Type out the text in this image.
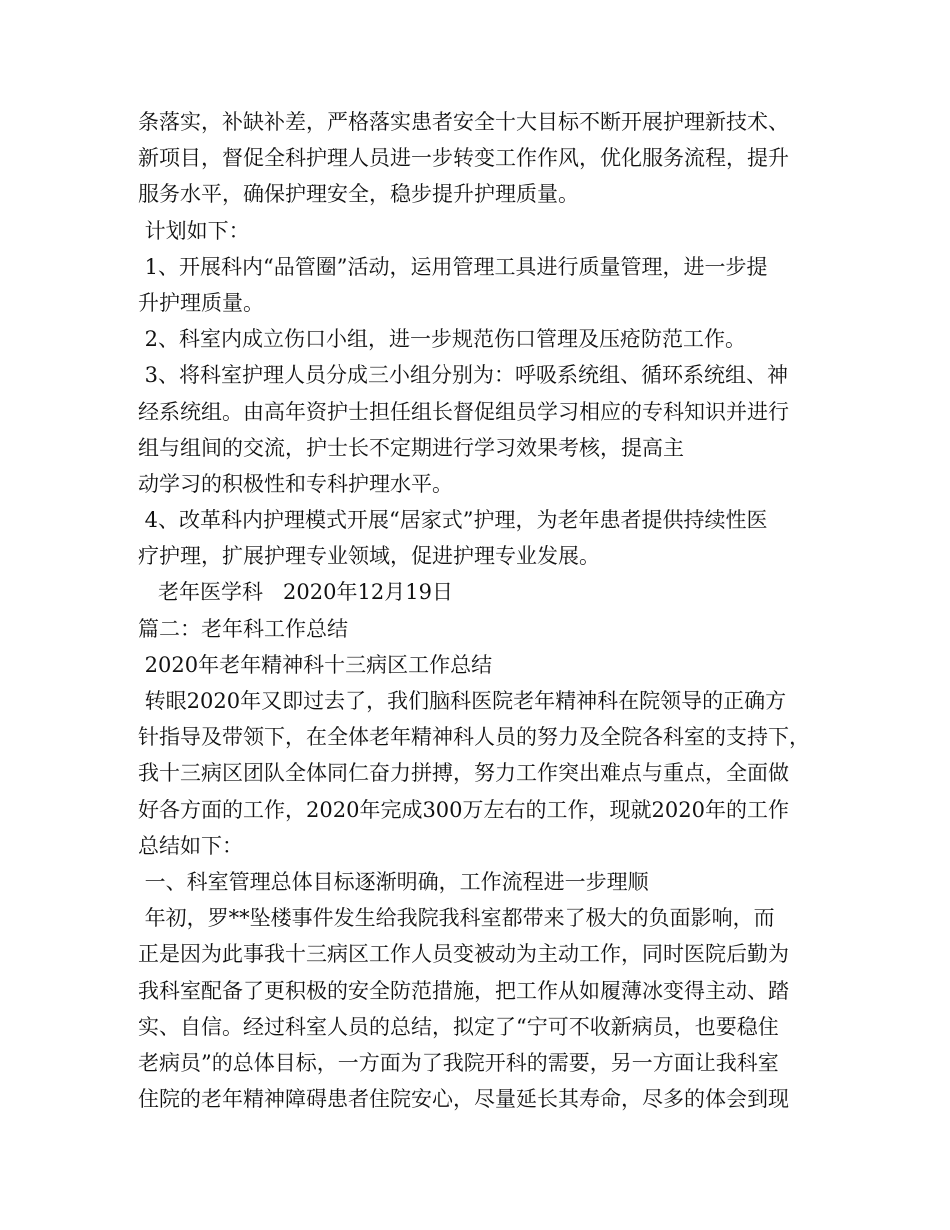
条落实，补缺补差，严格落实患者安全十大目标不断开展护理新技术、
新项目，督促全科护理人员进一步转变工作作风，优化服务流程，提升
服务水平，确保护理安全，稳步提升护理质量。
计划如下：
1、开展科内“品管圈”活动，运用管理工具进行质量管理，进一步提
升护理质量。
2、科室内成立伤口小组，进一步规范伤口管理及压疮防范工作。
3、将科室护理人员分成三小组分别为：呼吸系统组、循环系统组、神
经系统组。由高年资护士担任组长督促组员学习相应的专科知识并进行
组与组间的交流，护士长不定期进行学习效果考核，提高主
动学习的积极性和专科护理水平。
4、改革科内护理模式开展“居家式”护理，为老年患者提供持续性医
疗护理，扩展护理专业领域，促进护理专业发展。
老年医学科   2020年12月19日
篇二：老年科工作总结
2020年老年精神科十三病区工作总结
转眼2020年又即过去了，我们脑科医院老年精神科在院领导的正确方
针指导及带领下，在全体老年精神科人员的努力及全院各科室的支持下，
我十三病区团队全体同仁奋力拼搏，努力工作突出难点与重点，全面做
好各方面的工作，2020年完成300万左右的工作，现就2020年的工作
总结如下：
一、科室管理总体目标逐渐明确，工作流程进一步理顺
年初，罗**坠楼事件发生给我院我科室都带来了极大的负面影响，而
正是因为此事我十三病区工作人员变被动为主动工作，同时医院后勤为
我科室配备了更积极的安全防范措施，把工作从如履薄冰变得主动、踏
实、自信。经过科室人员的总结，拟定了“宁可不收新病员，也要稳住
老病员”的总体目标，一方面为了我院开科的需要，另一方面让我科室
住院的老年精神障碍患者住院安心，尽量延长其寿命，尽多的体会到现
